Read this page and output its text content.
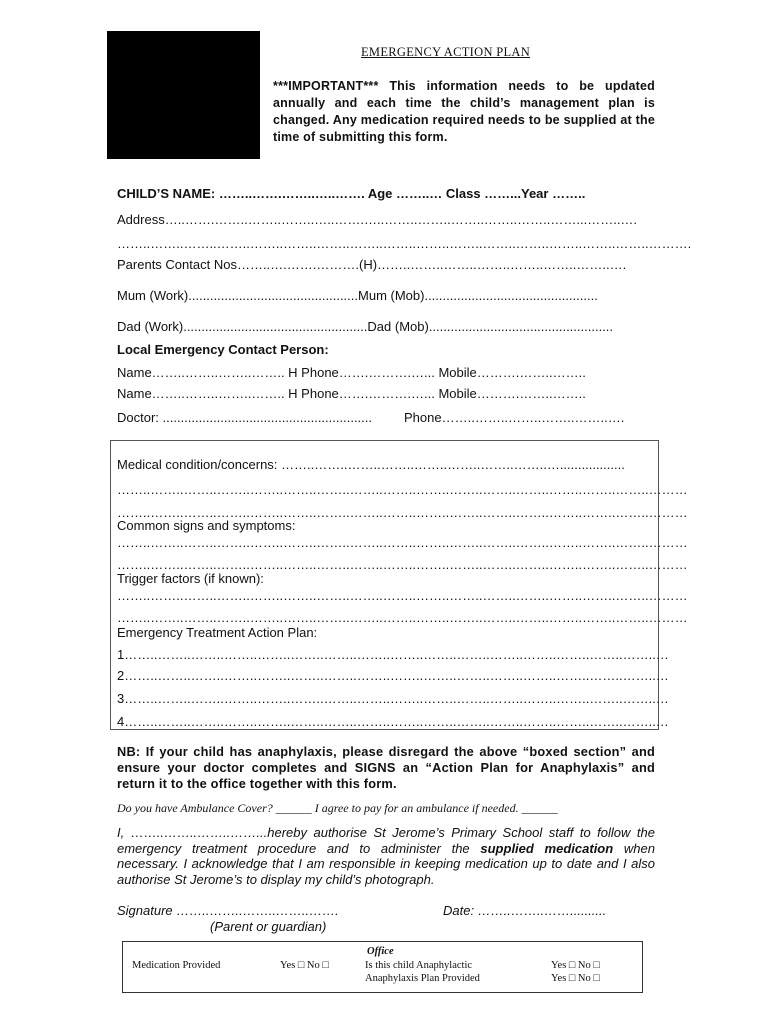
EMERGENCY ACTION PLAN
***IMPORTANT*** This information needs to be updated annually and each time the child’s management plan is changed. Any medication required needs to be supplied at the time of submitting this form.
CHILD’S NAME: ……..…….……..…..……. Age ……..… Class ……...Year ……..
Address…..…….……..……..……..…..…….…..……..……..……..……..……..……...……..….
……..……..……..……..……..……..……..……..……..……..……..……..……..……..……..……..……….
Parents Contact Nos……..….…….……….(H)……..……..……..……..……..……..……..….
Mum (Work)...............................................Mum (Mob)................................................
Dad (Work)...................................................Dad (Mob)...................................................
Local Emergency Contact Person:
Name……..……..……..…….. H Phone…….……….…... Mobile……….……..……..
Name……..……..……..…….. H Phone…….……….…... Mobile……….……..……..
Doctor: .......................................................... Phone……..……..……..……..……..….
Medical condition/concerns: ……..……..……..……..……..……..……..……..…..................
……..……..……..……..……..……..……..……..……..……..……..……..……..……..……..……..………
……..……..……..……..……..……..……..……..……..……..……..……..……..……..……..……..………
Common signs and symptoms:
……..……..……..……..……..……..……..……..……..……..……..……..……..……..……..……..………
……..……..……..……..……..……..……..……..……..……..……..……..……..……..……..……..………
Trigger factors (if known):
……..……..……..……..……..……..……..……..……..……..……..……..……..……..……..……..………
……..……..……..……..……..……..……..……..……..……..……..……..……..……..……..……..………
Emergency Treatment Action Plan:
1……..……..……..……..……..……..……..……..……..……..……..……..……..……..……..……..…
2……..……..……..……..……..……..……..……..……..……..……..……..……..……..……..……..…
3……..……..……..……..……..……..……..……..……..……..……..……..……..……..……..……..…
4……..……..……..……..……..……..……..……..……..……..……..……..……..……..……..……..…
NB: If your child has anaphylaxis, please disregard the above “boxed section” and ensure your doctor completes and SIGNS an “Action Plan for Anaphylaxis” and return it to the office together with this form.
Do you have Ambulance Cover? ______ I agree to pay for an ambulance if needed. ______
I, ……..……..……..……...hereby authorise St Jerome’s Primary School staff to follow the emergency treatment procedure and to administer the supplied medication when necessary. I acknowledge that I am responsible in keeping medication up to date and I also authorise St Jerome’s to display my child’s photograph.
Signature ……..……..……..……..…….	Date: ……..……..……..........
(Parent or guardian)
Office
Medication Provided	Yes □ No □	Is this child Anaphylactic	Yes □ No □
Anaphylaxis Plan Provided	Yes □ No □
